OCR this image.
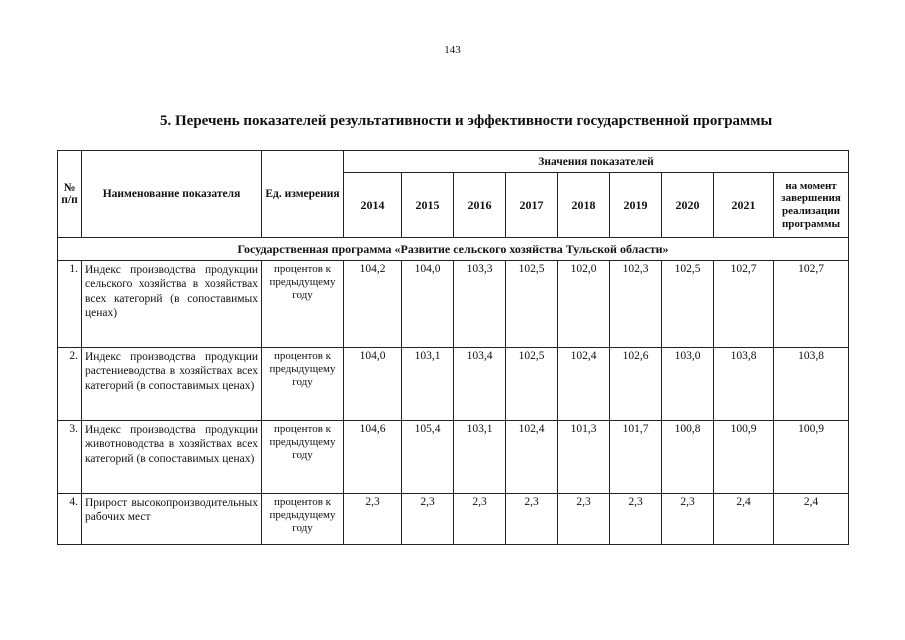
143
5. Перечень показателей результативности и эффективности государственной программы
№ п/п	Наименование показателя	Ед. измерения	Значения показателей								
			2014	2015	2016	2017	2018	2019	2020	2021	на момент завершения реализации программы
Государственная программа «Развитие сельского хозяйства Тульской области»											
1.	Индекс производства продукции сельского хозяйства в хозяйствах всех категорий (в сопоставимых ценах)	процентов к предыдущему году	104,2	104,0	103,3	102,5	102,0	102,3	102,5	102,7	102,7
2.	Индекс производства продукции растениеводства в хозяйствах всех категорий (в сопоставимых ценах)	процентов к предыдущему году	104,0	103,1	103,4	102,5	102,4	102,6	103,0	103,8	103,8
3.	Индекс производства продукции животноводства в хозяйствах всех категорий (в сопоставимых ценах)	процентов к предыдущему году	104,6	105,4	103,1	102,4	101,3	101,7	100,8	100,9	100,9
4.	Прирост высокопроизводительных рабочих мест	процентов к предыдущему году	2,3	2,3	2,3	2,3	2,3	2,3	2,3	2,4	2,4
